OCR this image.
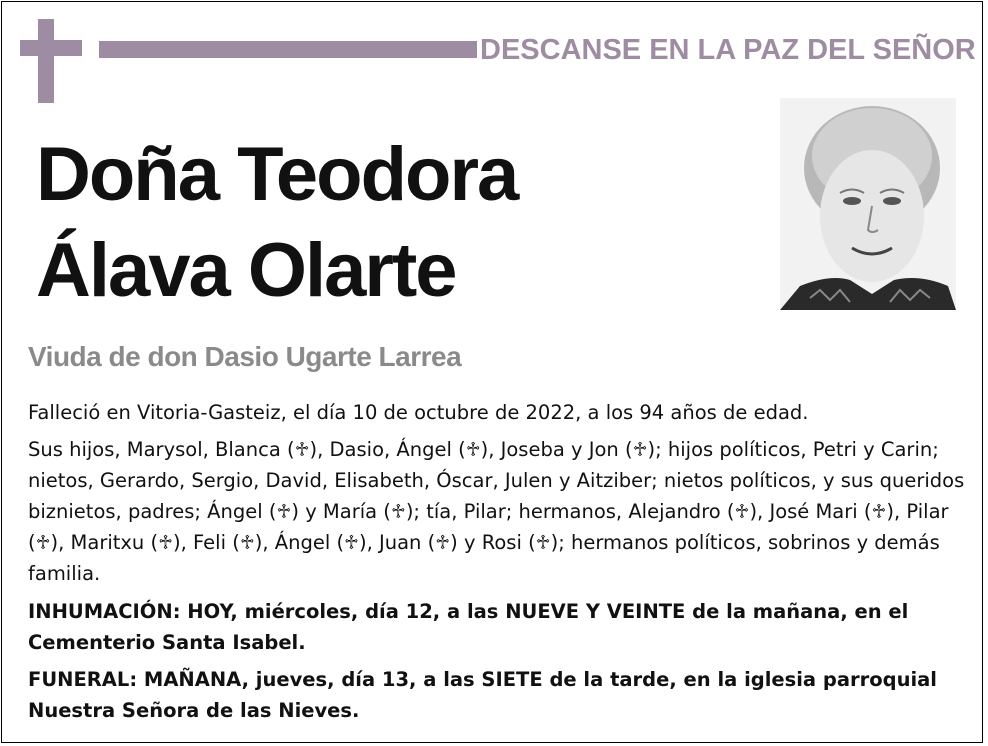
DESCANSE EN LA PAZ DEL SEÑOR
Doña Teodora
Álava Olarte
Viuda de don Dasio Ugarte Larrea
Falleció en Vitoria-Gasteiz, el día 10 de octubre de 2022, a los 94 años de edad.
Sus hijos, Marysol, Blanca (♱), Dasio, Ángel (♱), Joseba y Jon (♱); hijos políticos, Petri y Carin; nietos, Gerardo, Sergio, David, Elisabeth, Óscar, Julen y Aitziber; nietos políticos, y sus queridos biznietos, padres; Ángel (♱) y María (♱); tía, Pilar; hermanos, Alejandro (♱), José Mari (♱), Pilar (♱), Maritxu (♱), Feli (♱), Ángel (♱), Juan (♱) y Rosi (♱); hermanos políticos, sobrinos y demás familia.
INHUMACIÓN: HOY, miércoles, día 12, a las NUEVE Y VEINTE de la mañana, en el Cementerio Santa Isabel.
FUNERAL: MAÑANA, jueves, día 13, a las SIETE de la tarde, en la iglesia parroquial Nuestra Señora de las Nieves.
